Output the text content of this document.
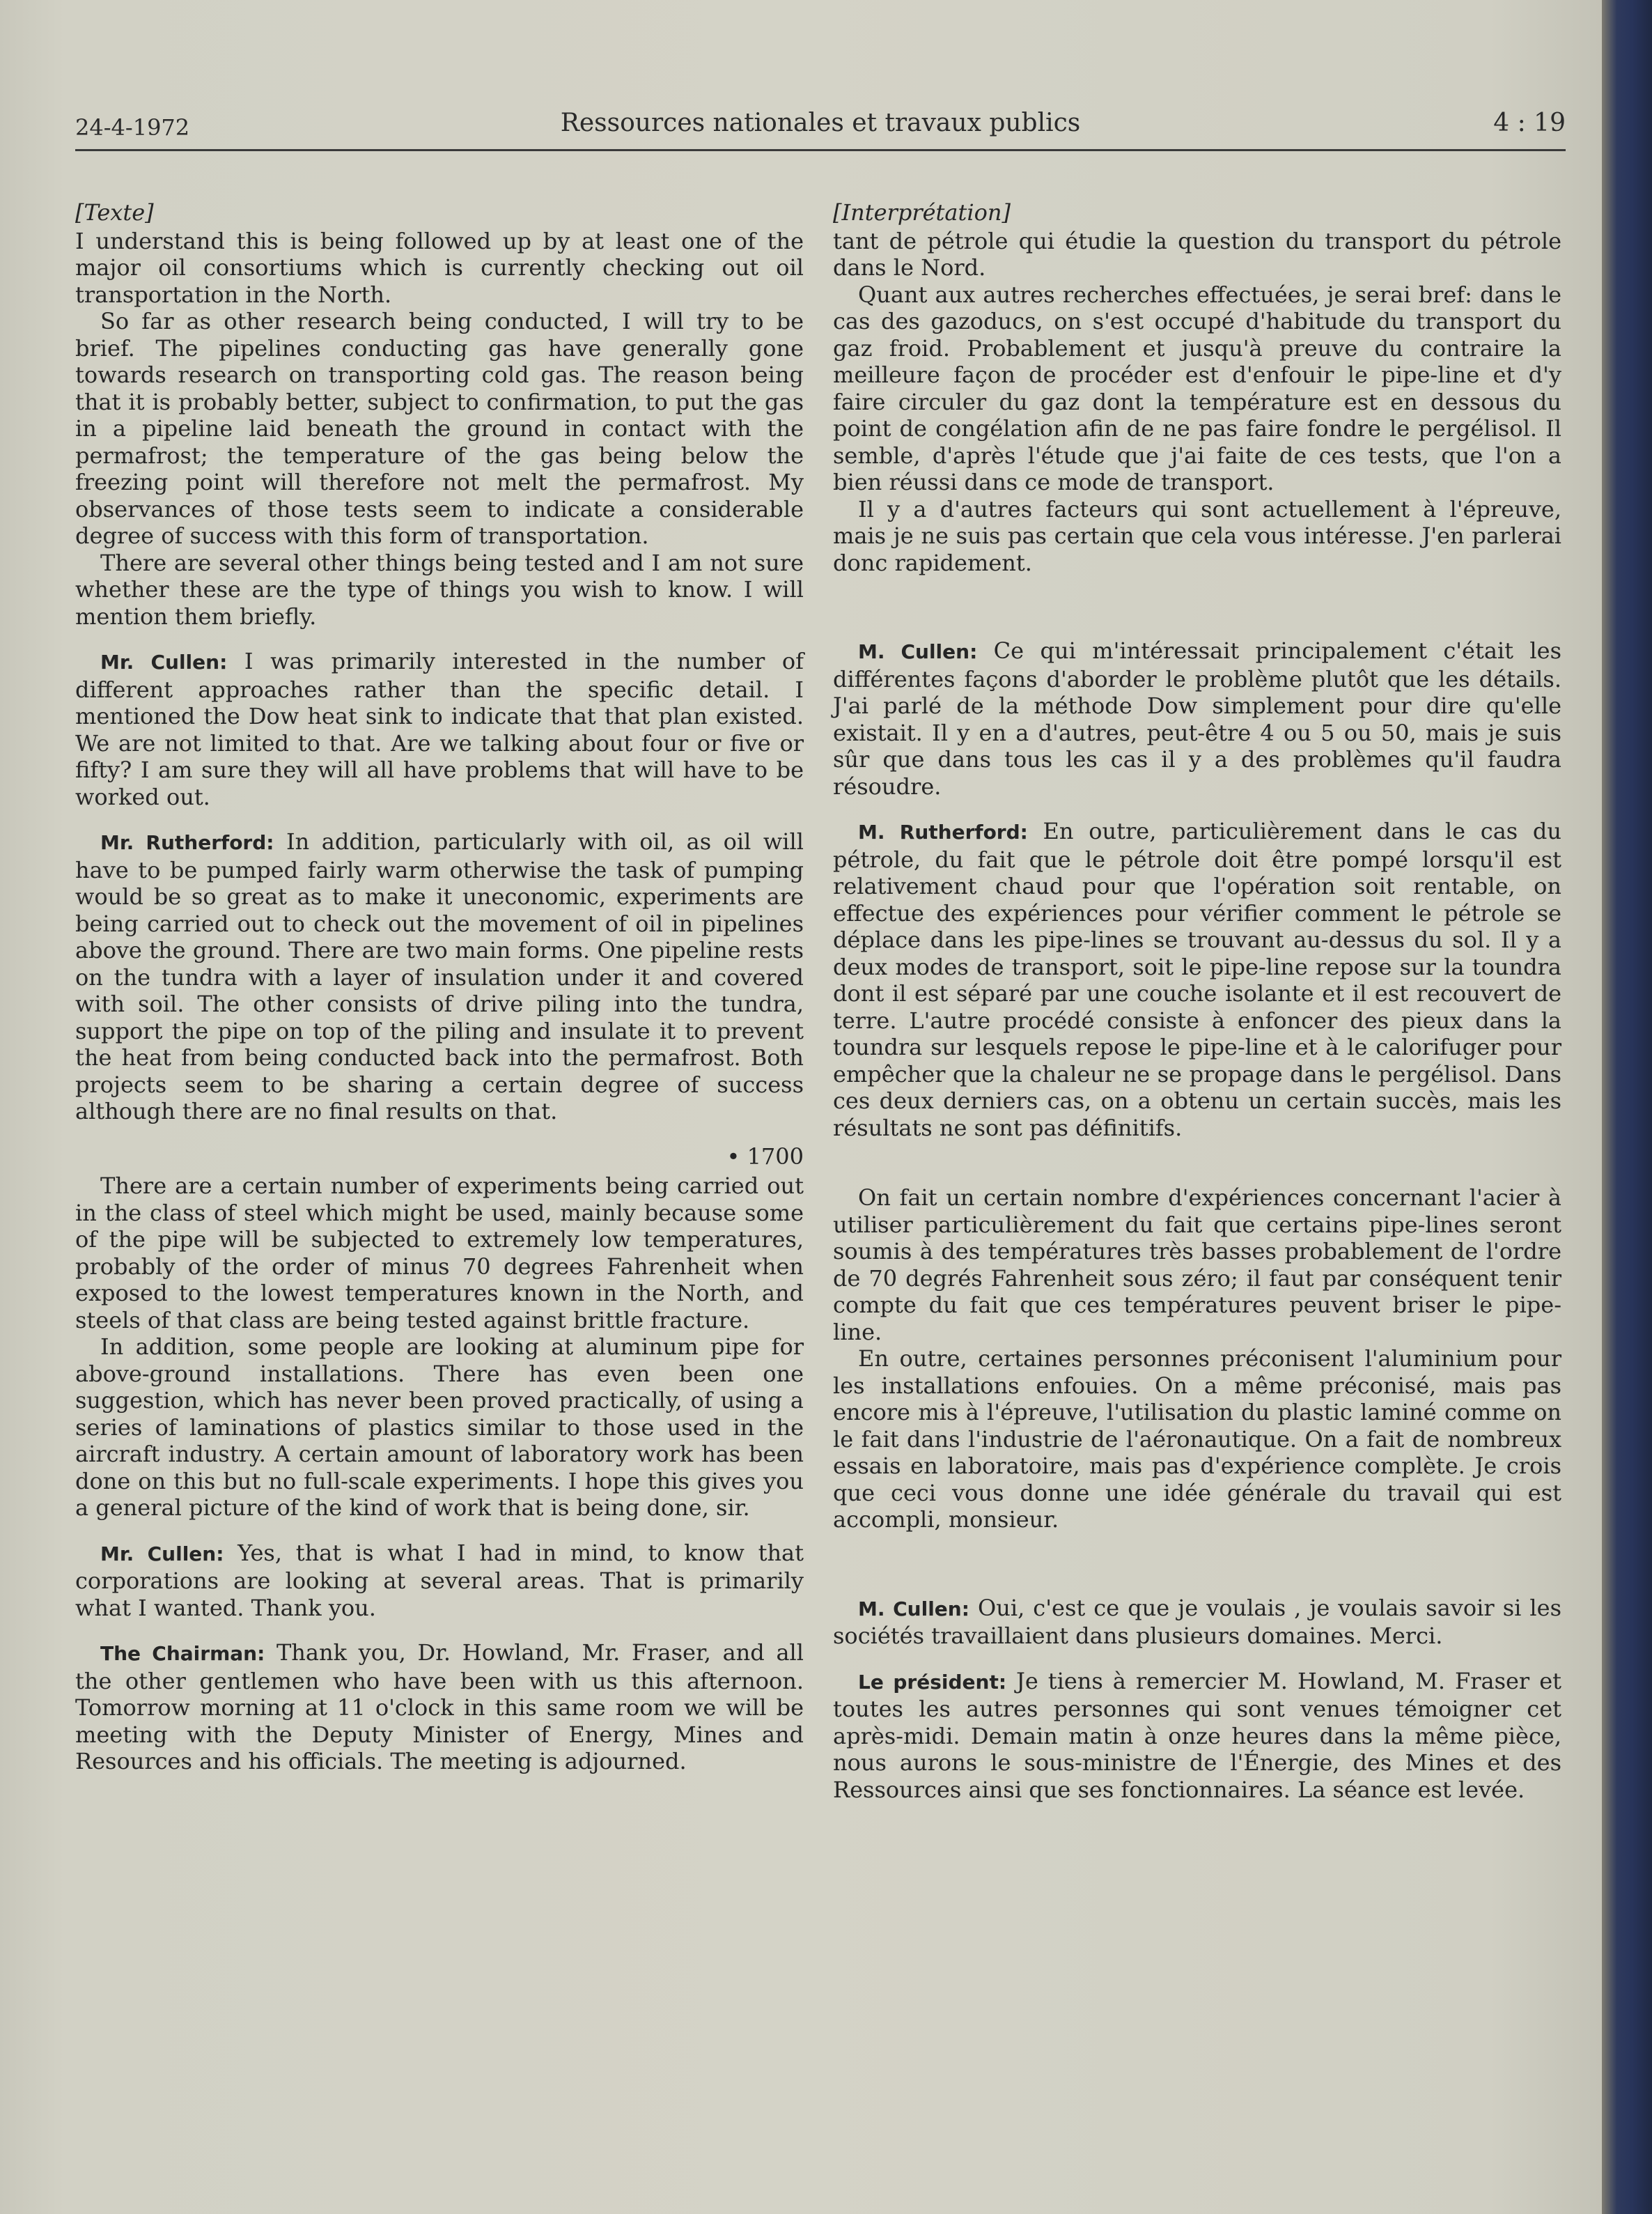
24-4-1972	Ressources nationales et travaux publics	4 : 19
[Texte]

I understand this is being followed up by at least one of the major oil consortiums which is currently checking out oil transportation in the North.

So far as other research being conducted, I will try to be brief. The pipelines conducting gas have generally gone towards research on transporting cold gas. The reason being that it is probably better, subject to confirmation, to put the gas in a pipeline laid beneath the ground in contact with the permafrost; the temperature of the gas being below the freezing point will therefore not melt the permafrost. My observances of those tests seem to indicate a considerable degree of success with this form of transportation.

There are several other things being tested and I am not sure whether these are the type of things you wish to know. I will mention them briefly.

Mr. Cullen: I was primarily interested in the number of different approaches rather than the specific detail. I mentioned the Dow heat sink to indicate that that plan existed. We are not limited to that. Are we talking about four or five or fifty? I am sure they will all have problems that will have to be worked out.

Mr. Rutherford: In addition, particularly with oil, as oil will have to be pumped fairly warm otherwise the task of pumping would be so great as to make it uneconomic, experiments are being carried out to check out the movement of oil in pipelines above the ground. There are two main forms. One pipeline rests on the tundra with a layer of insulation under it and covered with soil. The other consists of drive piling into the tundra, support the pipe on top of the piling and insulate it to prevent the heat from being conducted back into the permafrost. Both projects seem to be sharing a certain degree of success although there are no final results on that.

• 1700

There are a certain number of experiments being carried out in the class of steel which might be used, mainly because some of the pipe will be subjected to extremely low temperatures, probably of the order of minus 70 degrees Fahrenheit when exposed to the lowest temperatures known in the North, and steels of that class are being tested against brittle fracture.

In addition, some people are looking at aluminum pipe for above-ground installations. There has even been one suggestion, which has never been proved practically, of using a series of laminations of plastics similar to those used in the aircraft industry. A certain amount of laboratory work has been done on this but no full-scale experiments. I hope this gives you a general picture of the kind of work that is being done, sir.

Mr. Cullen: Yes, that is what I had in mind, to know that corporations are looking at several areas. That is primarily what I wanted. Thank you.

The Chairman: Thank you, Dr. Howland, Mr. Fraser, and all the other gentlemen who have been with us this afternoon. Tomorrow morning at 11 o'clock in this same room we will be meeting with the Deputy Minister of Energy, Mines and Resources and his officials. The meeting is adjourned.

[Interprétation]

tant de pétrole qui étudie la question du transport du pétrole dans le Nord.

Quant aux autres recherches effectuées, je serai bref: dans le cas des gazoducs, on s'est occupé d'habitude du transport du gaz froid. Probablement et jusqu'à preuve du contraire la meilleure façon de procéder est d'enfouir le pipe-line et d'y faire circuler du gaz dont la température est en dessous du point de congélation afin de ne pas faire fondre le pergélisol. Il semble, d'après l'étude que j'ai faite de ces tests, que l'on a bien réussi dans ce mode de transport.

Il y a d'autres facteurs qui sont actuellement à l'épreuve, mais je ne suis pas certain que cela vous intéresse. J'en parlerai donc rapidement.

M. Cullen: Ce qui m'intéressait principalement c'était les différentes façons d'aborder le problème plutôt que les détails. J'ai parlé de la méthode Dow simplement pour dire qu'elle existait. Il y en a d'autres, peut-être 4 ou 5 ou 50, mais je suis sûr que dans tous les cas il y a des problèmes qu'il faudra résoudre.

M. Rutherford: En outre, particulièrement dans le cas du pétrole, du fait que le pétrole doit être pompé lorsqu'il est relativement chaud pour que l'opération soit rentable, on effectue des expériences pour vérifier comment le pétrole se déplace dans les pipe-lines se trouvant au-dessus du sol. Il y a deux modes de transport, soit le pipe-line repose sur la toundra dont il est séparé par une couche isolante et il est recouvert de terre. L'autre procédé consiste à enfoncer des pieux dans la toundra sur lesquels repose le pipe-line et à le calorifuger pour empêcher que la chaleur ne se propage dans le pergélisol. Dans ces deux derniers cas, on a obtenu un certain succès, mais les résultats ne sont pas définitifs.

On fait un certain nombre d'expériences concernant l'acier à utiliser particulièrement du fait que certains pipe-lines seront soumis à des températures très basses probablement de l'ordre de 70 degrés Fahrenheit sous zéro; il faut par conséquent tenir compte du fait que ces températures peuvent briser le pipe-line.

En outre, certaines personnes préconisent l'aluminium pour les installations enfouies. On a même préconisé, mais pas encore mis à l'épreuve, l'utilisation du plastic laminé comme on le fait dans l'industrie de l'aéronautique. On a fait de nombreux essais en laboratoire, mais pas d'expérience complète. Je crois que ceci vous donne une idée générale du travail qui est accompli, monsieur.

M. Cullen: Oui, c'est ce que je voulais , je voulais savoir si les sociétés travaillaient dans plusieurs domaines. Merci.

Le président: Je tiens à remercier M. Howland, M. Fraser et toutes les autres personnes qui sont venues témoigner cet après-midi. Demain matin à onze heures dans la même pièce, nous aurons le sous-ministre de l'Énergie, des Mines et des Ressources ainsi que ses fonctionnaires. La séance est levée.
